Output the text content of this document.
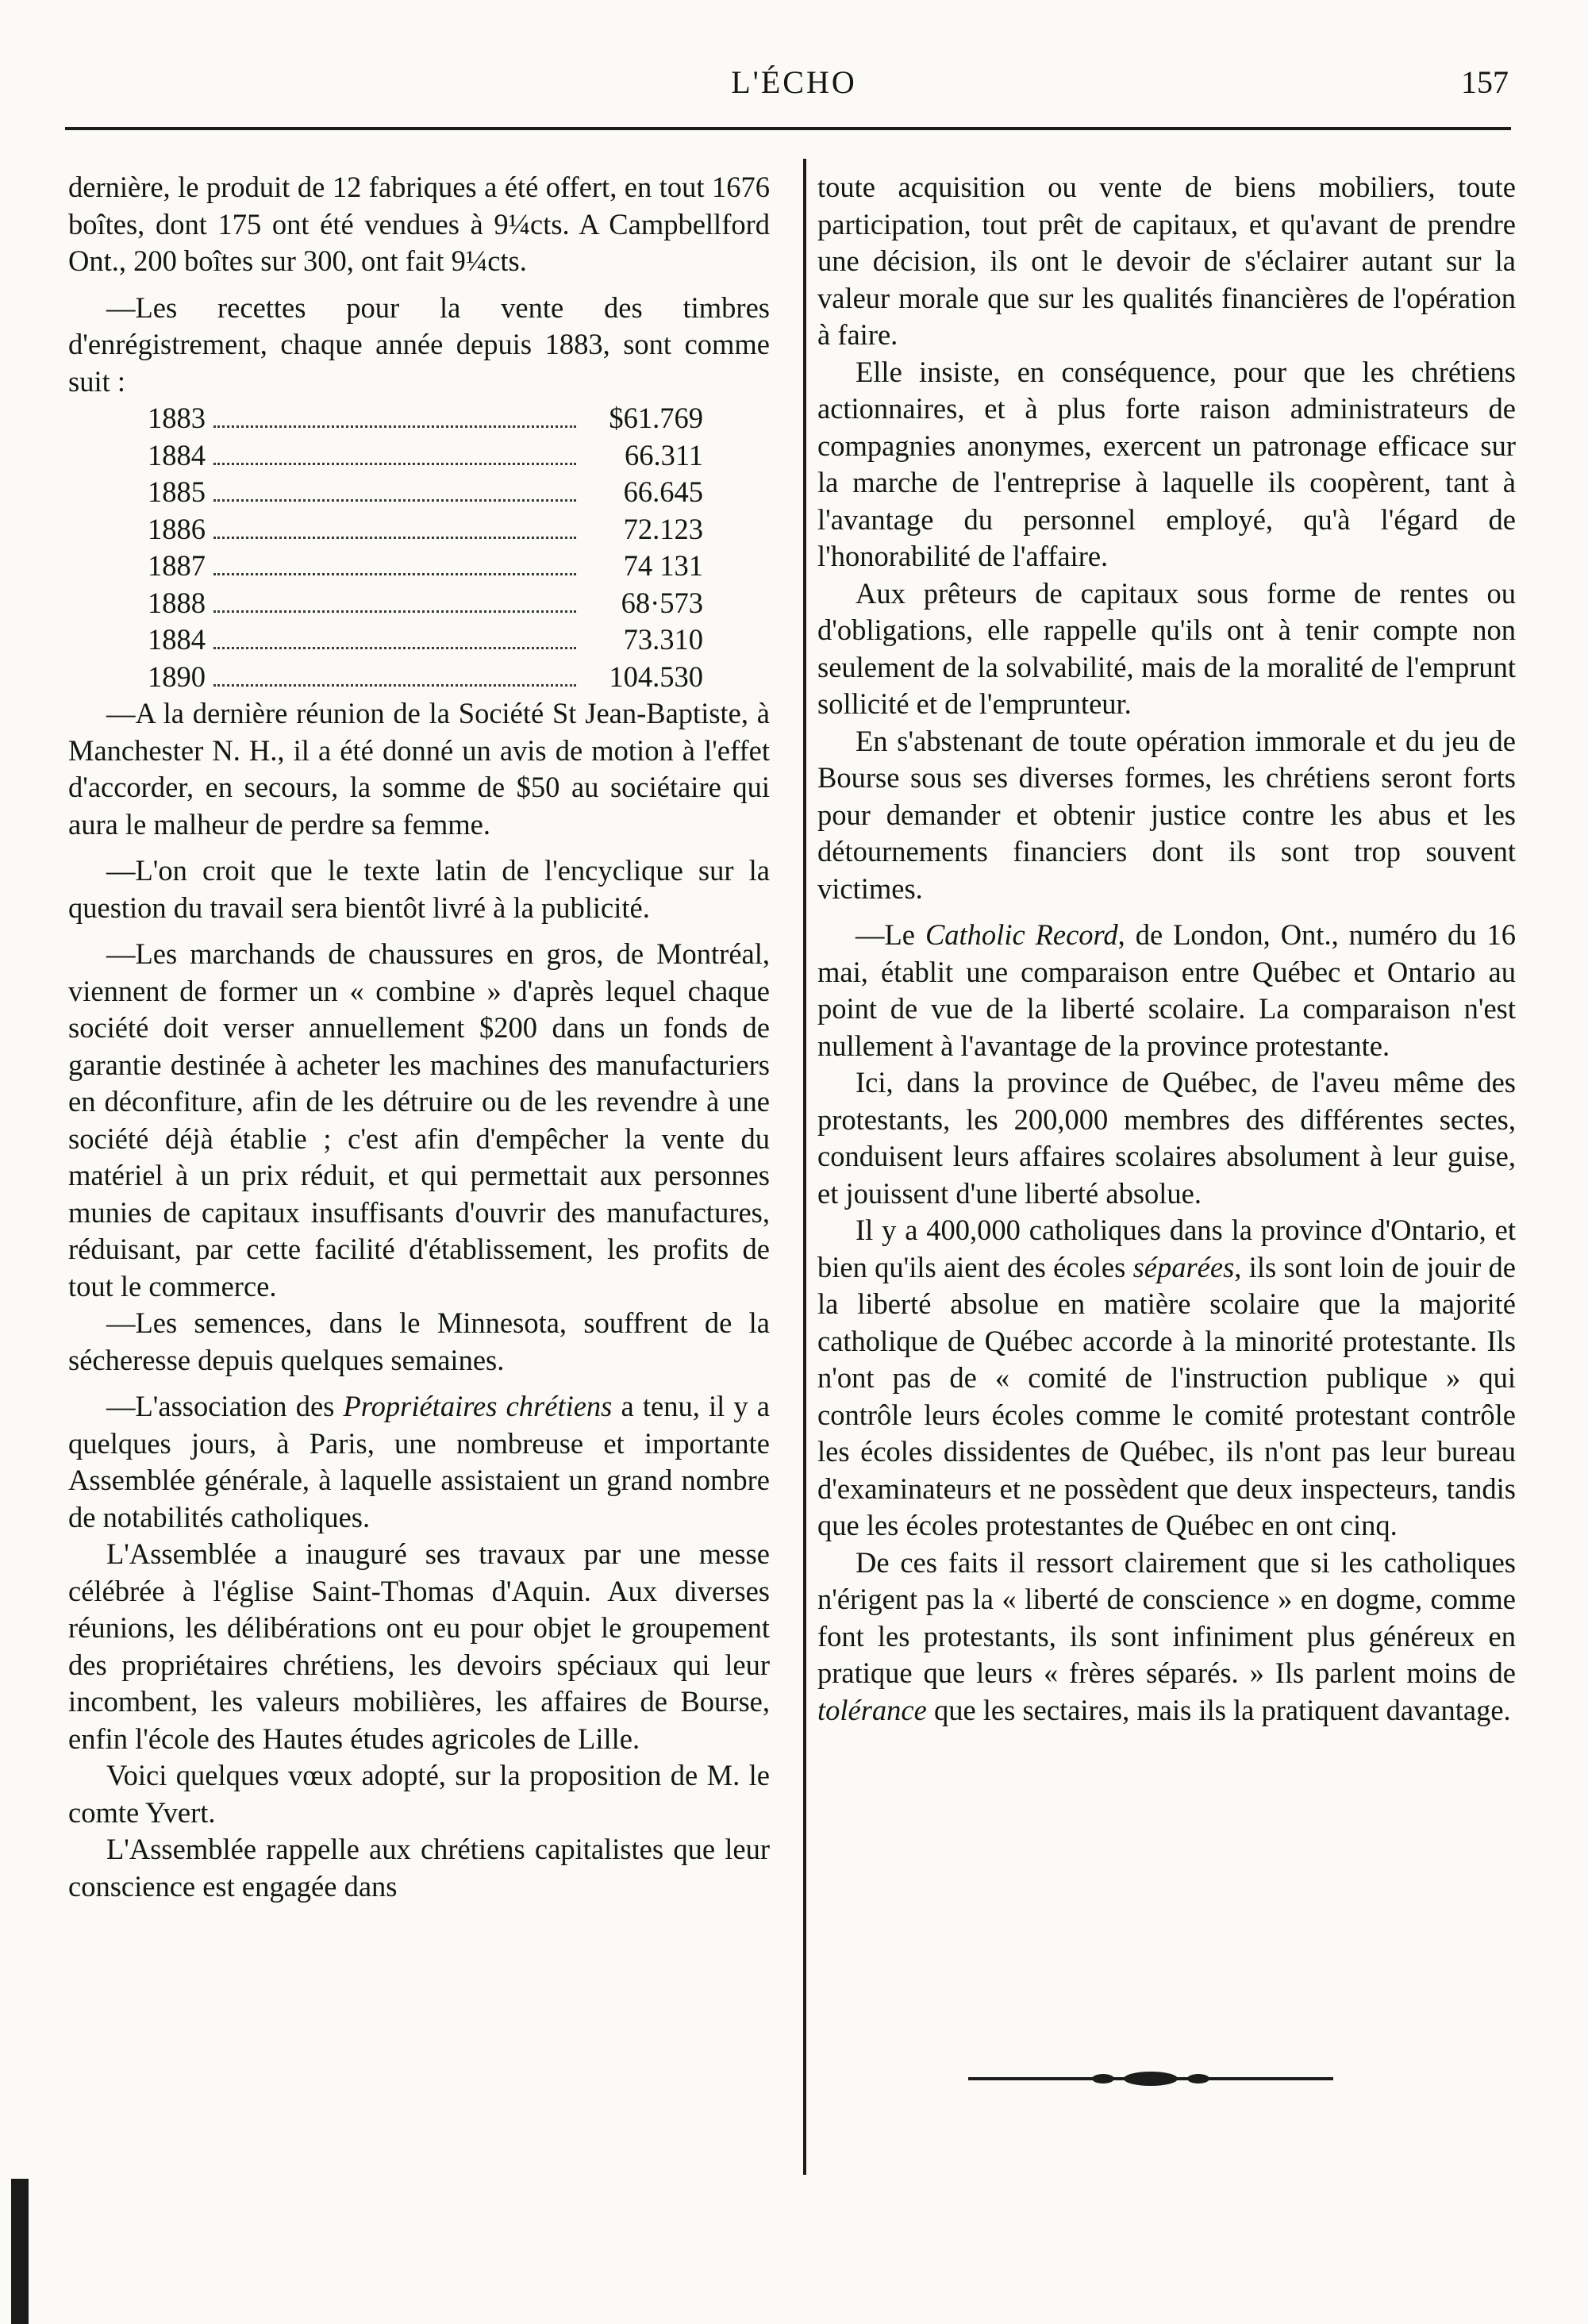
L'ÉCHO	157

dernière, le produit de 12 fabriques a été offert, en tout 1676 boîtes, dont 175 ont été vendues à 9¼cts. A Campbellford Ont., 200 boîtes sur 300, ont fait 9¼cts.

—Les recettes pour la vente des timbres d'enrégistrement, chaque année depuis 1883, sont comme suit :

1883	$61.769
1884	66.311
1885	66.645
1886	72.123
1887	74 131
1888	68·573
1884	73.310
1890	104.530

—A la dernière réunion de la Société St Jean-Baptiste, à Manchester N. H., il a été donné un avis de motion à l'effet d'accorder, en secours, la somme de $50 au sociétaire qui aura le malheur de perdre sa femme.

—L'on croit que le texte latin de l'encyclique sur la question du travail sera bientôt livré à la publicité.

—Les marchands de chaussures en gros, de Montréal, viennent de former un « combine » d'après lequel chaque société doit verser annuellement $200 dans un fonds de garantie destinée à acheter les machines des manufacturiers en déconfiture, afin de les détruire ou de les revendre à une société déjà établie ; c'est afin d'empêcher la vente du matériel à un prix réduit, et qui permettait aux personnes munies de capitaux insuffisants d'ouvrir des manufactures, réduisant, par cette facilité d'établissement, les profits de tout le commerce.

—Les semences, dans le Minnesota, souffrent de la sécheresse depuis quelques semaines.

—L'association des Propriétaires chrétiens a tenu, il y a quelques jours, à Paris, une nombreuse et importante Assemblée générale, à laquelle assistaient un grand nombre de notabilités catholiques.

L'Assemblée a inauguré ses travaux par une messe célébrée à l'église Saint-Thomas d'Aquin. Aux diverses réunions, les délibérations ont eu pour objet le groupement des propriétaires chrétiens, les devoirs spéciaux qui leur incombent, les valeurs mobilières, les affaires de Bourse, enfin l'école des Hautes études agricoles de Lille.

Voici quelques vœux adopté, sur la proposition de M. le comte Yvert.

L'Assemblée rappelle aux chrétiens capitalistes que leur conscience est engagée dans

toute acquisition ou vente de biens mobiliers, toute participation, tout prêt de capitaux, et qu'avant de prendre une décision, ils ont le devoir de s'éclairer autant sur la valeur morale que sur les qualités financières de l'opération à faire.

Elle insiste, en conséquence, pour que les chrétiens actionnaires, et à plus forte raison administrateurs de compagnies anonymes, exercent un patronage efficace sur la marche de l'entreprise à laquelle ils coopèrent, tant à l'avantage du personnel employé, qu'à l'égard de l'honorabilité de l'affaire.

Aux prêteurs de capitaux sous forme de rentes ou d'obligations, elle rappelle qu'ils ont à tenir compte non seulement de la solvabilité, mais de la moralité de l'emprunt sollicité et de l'emprunteur.

En s'abstenant de toute opération immorale et du jeu de Bourse sous ses diverses formes, les chrétiens seront forts pour demander et obtenir justice contre les abus et les détournements financiers dont ils sont trop souvent victimes.

—Le Catholic Record, de London, Ont., numéro du 16 mai, établit une comparaison entre Québec et Ontario au point de vue de la liberté scolaire. La comparaison n'est nullement à l'avantage de la province protestante.

Ici, dans la province de Québec, de l'aveu même des protestants, les 200,000 membres des différentes sectes, conduisent leurs affaires scolaires absolument à leur guise, et jouissent d'une liberté absolue.

Il y a 400,000 catholiques dans la province d'Ontario, et bien qu'ils aient des écoles séparées, ils sont loin de jouir de la liberté absolue en matière scolaire que la majorité catholique de Québec accorde à la minorité protestante. Ils n'ont pas de « comité de l'instruction publique » qui contrôle leurs écoles comme le comité protestant contrôle les écoles dissidentes de Québec, ils n'ont pas leur bureau d'examinateurs et ne possèdent que deux inspecteurs, tandis que les écoles protestantes de Québec en ont cinq.

De ces faits il ressort clairement que si les catholiques n'érigent pas la « liberté de conscience » en dogme, comme font les protestants, ils sont infiniment plus généreux en pratique que leurs « frères séparés. » Ils parlent moins de tolérance que les sectaires, mais ils la pratiquent davantage.
